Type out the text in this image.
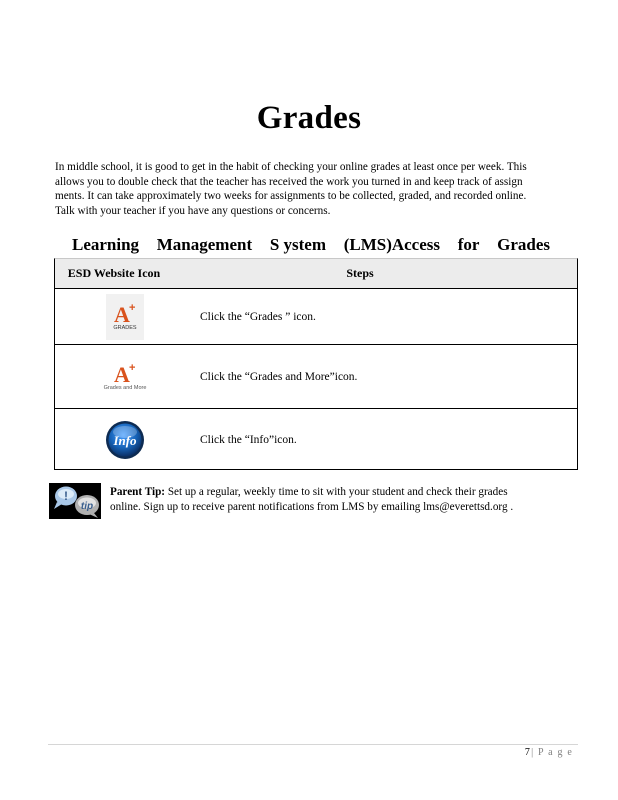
Grades

In middle school, it is good to get in the habit of checking your online grades at least once per week. This allows you to double check that the teacher has received the work you turned in and keep track of assign ments. It can take approximately two weeks for assignments to be collected, graded, and recorded online. Talk with your teacher if you have any questions or concerns.

Learning Management S ystem (LMS)Access for Grades
ESD Website Icon	Steps
A +
GRADES
Click the “Grades ” icon.
A +
Grades and More
Click the “Grades and More”icon.
Info	Click the “Info”icon.
!
tip
Parent Tip: Set up a regular, weekly time to sit with your student and check their grades online. Sign up to receive parent notifications from LMS by emailing lms@everettsd.org .
7| P a g e
